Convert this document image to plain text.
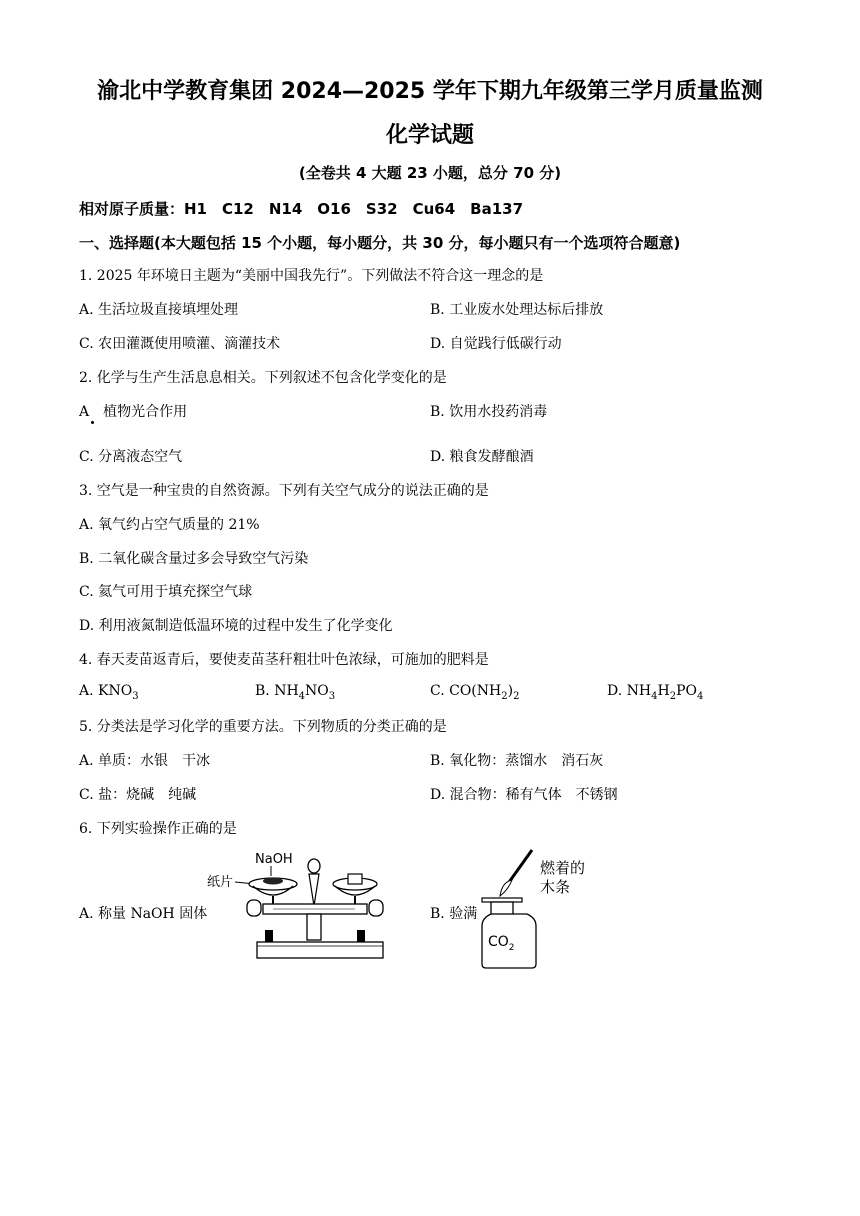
渝北中学教育集团 2024—2025 学年下期九年级第三学月质量监测
化学试题
(全卷共 4 大题 23 小题，总分 70 分)
相对原子质量：H1　C12　N14　O16　S32　Cu64　Ba137
一、选择题(本大题包括 15 个小题，每小题分，共 30 分，每小题只有一个选项符合题意)
1. 2025 年环境日主题为“美丽中国我先行”。下列做法不符合这一理念的是
A. 生活垃圾直接填埋处理	B. 工业废水处理达标后排放
C. 农田灌溉使用喷灌、滴灌技术	D. 自觉践行低碳行动
2. 化学与生产生活息息相关。下列叙述不包含化学变化的是
A　植物光合作用	B. 饮用水投药消毒
C. 分离液态空气	D. 粮食发酵酿酒
3. 空气是一种宝贵的自然资源。下列有关空气成分的说法正确的是
A. 氧气约占空气质量的 21%
B. 二氧化碳含量过多会导致空气污染
C. 氦气可用于填充探空气球
D. 利用液氮制造低温环境的过程中发生了化学变化
4. 春天麦苗返青后，要使麦苗茎秆粗壮叶色浓绿，可施加的肥料是
A. $KNO_3$	B. $NH_4NO_3$	C. $CO(NH_2)_2$	D. $NH_4H_2PO_4$
5. 分类法是学习化学的重要方法。下列物质的分类正确的是
A. 单质：水银　干冰	B. 氧化物：蒸馏水　消石灰
C. 盐：烧碱　纯碱	D. 混合物：稀有气体　不锈钢
6. 下列实验操作正确的是
A. 称量 NaOH 固体	B. 验满
NaOH
纸片
燃着的
木条
$CO_2$
